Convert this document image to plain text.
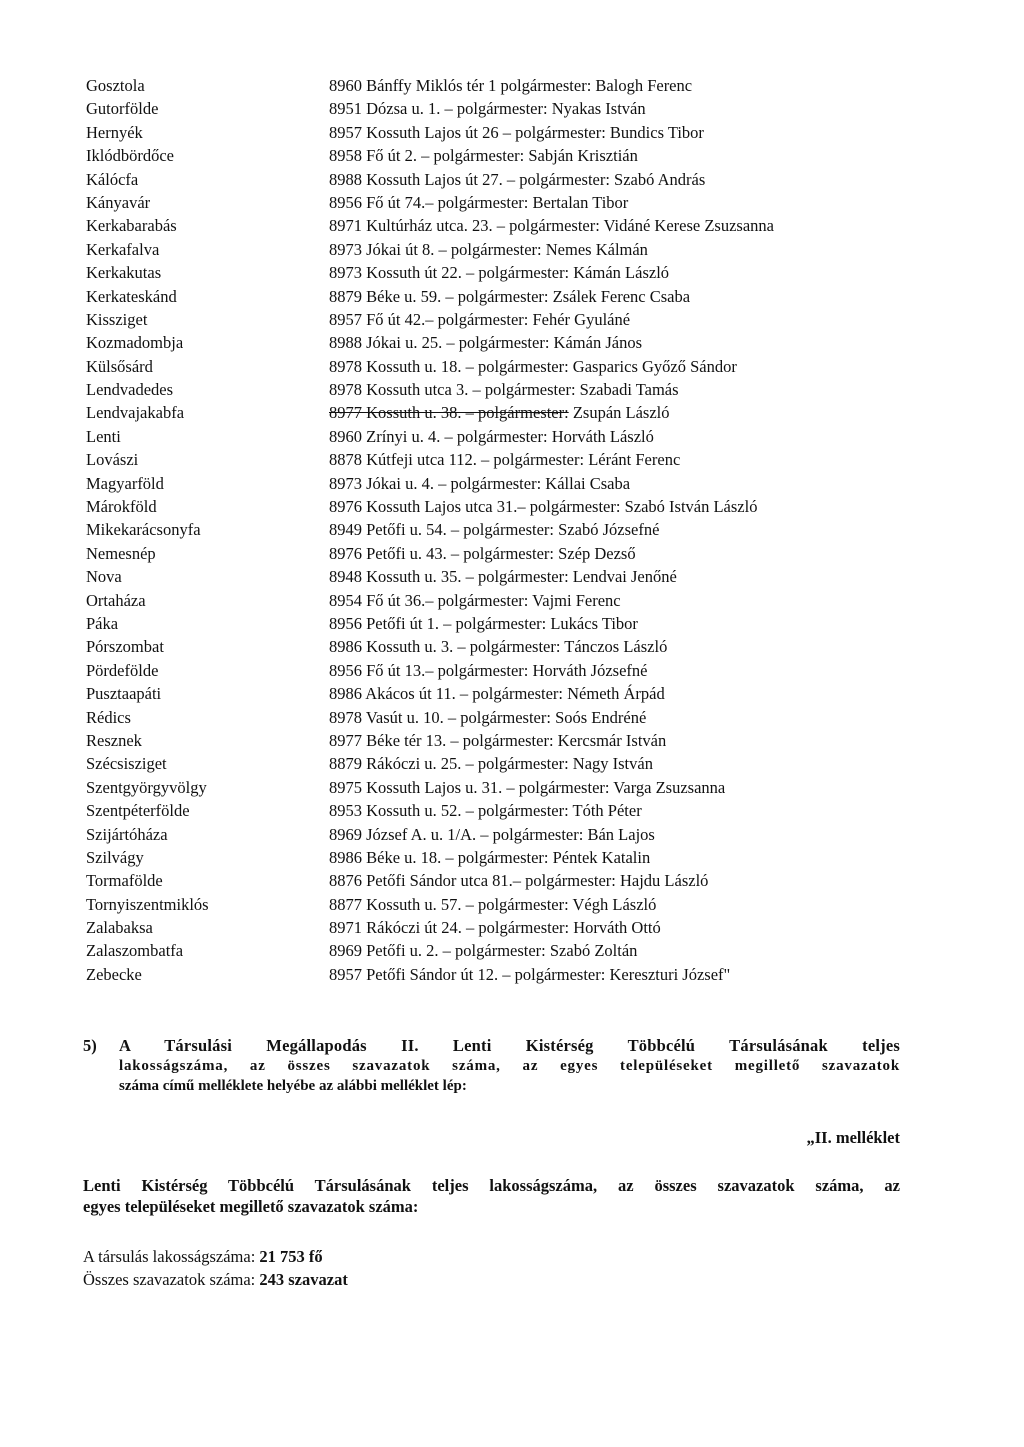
Gosztola	8960 Bánffy Miklós tér 1 polgármester: Balogh Ferenc
Gutorfölde	8951 Dózsa u. 1. – polgármester: Nyakas István
Hernyék	8957 Kossuth Lajos út 26 – polgármester: Bundics Tibor
Iklódbördőce	8958 Fő út 2. – polgármester: Sabján Krisztián
Kálócfa	8988 Kossuth Lajos út 27. – polgármester: Szabó András
Kányavár	8956 Fő út 74.– polgármester: Bertalan Tibor
Kerkabarabás	8971 Kultúrház utca. 23. – polgármester: Vidáné Kerese Zsuzsanna
Kerkafalva	8973 Jókai út 8. – polgármester: Nemes Kálmán
Kerkakutas	8973 Kossuth út 22. – polgármester: Kámán László
Kerkateskánd	8879 Béke u. 59. – polgármester: Zsálek Ferenc Csaba
Kissziget	8957 Fő út 42.– polgármester: Fehér Gyuláné
Kozmadombja	8988 Jókai u. 25. – polgármester: Kámán János
Külsősárd	8978 Kossuth u. 18. – polgármester: Gasparics Győző Sándor
Lendvadedes	8978 Kossuth utca 3. – polgármester: Szabadi Tamás
Lendvajakabfa	8977 Kossuth u. 38. – polgármester: Zsupán László
Lenti	8960 Zrínyi u. 4. – polgármester: Horváth László
Lovászi	8878 Kútfeji utca 112. – polgármester: Léránt Ferenc
Magyarföld	8973 Jókai u. 4. – polgármester: Kállai Csaba
Márokföld	8976 Kossuth Lajos utca 31.– polgármester: Szabó István László
Mikekarácsonyfa	8949 Petőfi u. 54. – polgármester: Szabó Józsefné
Nemesnép	8976 Petőfi u. 43. – polgármester: Szép Dezső
Nova	8948 Kossuth u. 35. – polgármester: Lendvai Jenőné
Ortaháza	8954 Fő út 36.– polgármester: Vajmi Ferenc
Páka	8956 Petőfi út 1. – polgármester: Lukács Tibor
Pórszombat	8986 Kossuth u. 3. – polgármester: Tánczos László
Pördefölde	8956 Fő út 13.– polgármester: Horváth Józsefné
Pusztaapáti	8986 Akácos út 11. – polgármester: Németh Árpád
Rédics	8978 Vasút u. 10. – polgármester: Soós Endréné
Resznek	8977 Béke tér 13. – polgármester: Kercsmár István
Szécsisziget	8879 Rákóczi u. 25. – polgármester: Nagy István
Szentgyörgyvölgy	8975 Kossuth Lajos u. 31. – polgármester: Varga Zsuzsanna
Szentpéterfölde	8953 Kossuth u. 52. – polgármester: Tóth Péter
Szijártóháza	8969 József A. u. 1/A. – polgármester: Bán Lajos
Szilvágy	8986 Béke u. 18. – polgármester: Péntek Katalin
Tormafölde	8876 Petőfi Sándor utca 81.– polgármester: Hajdu László
Tornyiszentmiklós	8877 Kossuth u. 57. – polgármester: Végh László
Zalabaksa	8971 Rákóczi út 24. – polgármester: Horváth Ottó
Zalaszombatfa	8969 Petőfi u. 2. – polgármester: Szabó Zoltán
Zebecke	8957 Petőfi Sándor út 12. – polgármester: Kereszturi József"
5)	A Társulási Megállapodás II. Lenti Kistérség Többcélú Társulásának teljes
lakosságszáma, az összes szavazatok száma, az egyes településeket megillető szavazatok
száma című melléklete helyébe az alábbi melléklet lép:
„II. melléklet
Lenti Kistérség Többcélú Társulásának teljes lakosságszáma, az összes szavazatok száma, az
egyes településeket megillető szavazatok száma:
A társulás lakosságszáma: 21 753 fő
Összes szavazatok száma: 243 szavazat
